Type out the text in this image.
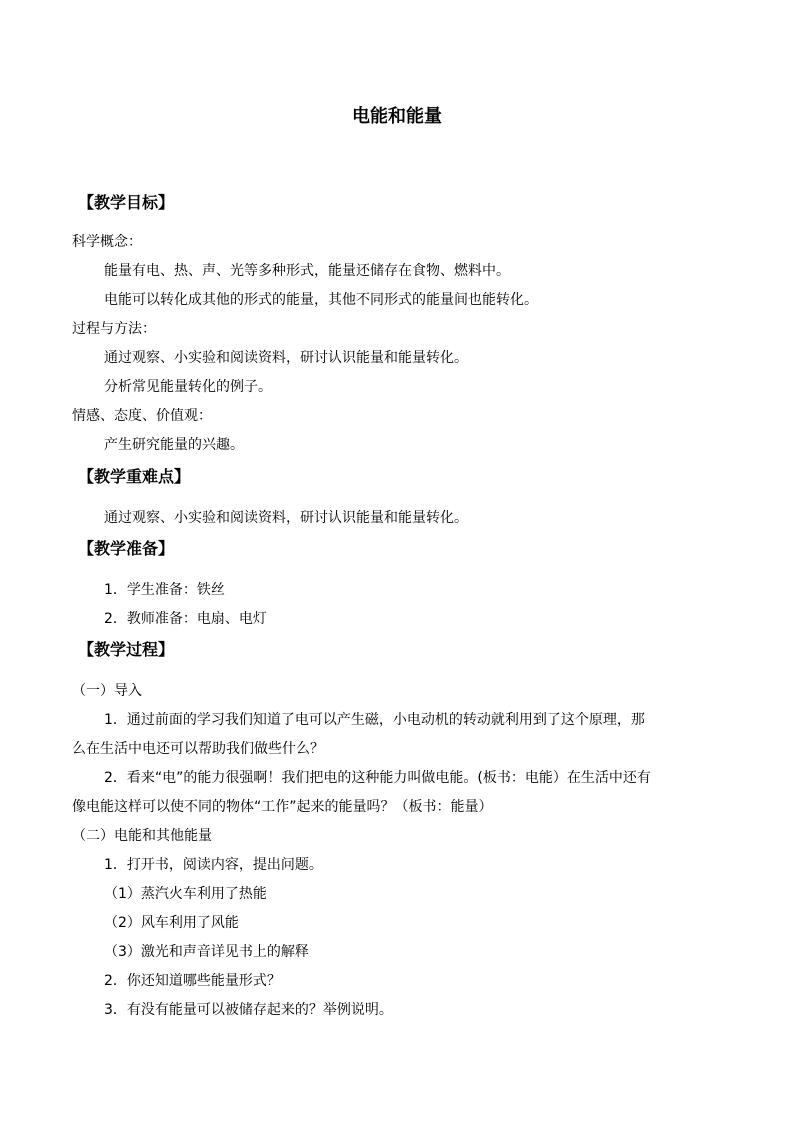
电能和能量
【教学目标】
科学概念：
能量有电、热、声、光等多种形式，能量还储存在食物、燃料中。
电能可以转化成其他的形式的能量，其他不同形式的能量间也能转化。
过程与方法：
通过观察、小实验和阅读资料，研讨认识能量和能量转化。
分析常见能量转化的例子。
情感、态度、价值观：
产生研究能量的兴趣。
【教学重难点】
通过观察、小实验和阅读资料，研讨认识能量和能量转化。
【教学准备】
1．学生准备：铁丝
2．教师准备：电扇、电灯
【教学过程】
（一）导入
1．通过前面的学习我们知道了电可以产生磁，小电动机的转动就利用到了这个原理，那
么在生活中电还可以帮助我们做些什么？
2．看来“电”的能力很强啊！我们把电的这种能力叫做电能。(板书：电能）在生活中还有
像电能这样可以使不同的物体“工作”起来的能量吗？（板书：能量）
（二）电能和其他能量
1．打开书，阅读内容，提出问题。
（1）蒸汽火车利用了热能
（2）风车利用了风能
（3）激光和声音详见书上的解释
2．你还知道哪些能量形式？
3．有没有能量可以被储存起来的？举例说明。
